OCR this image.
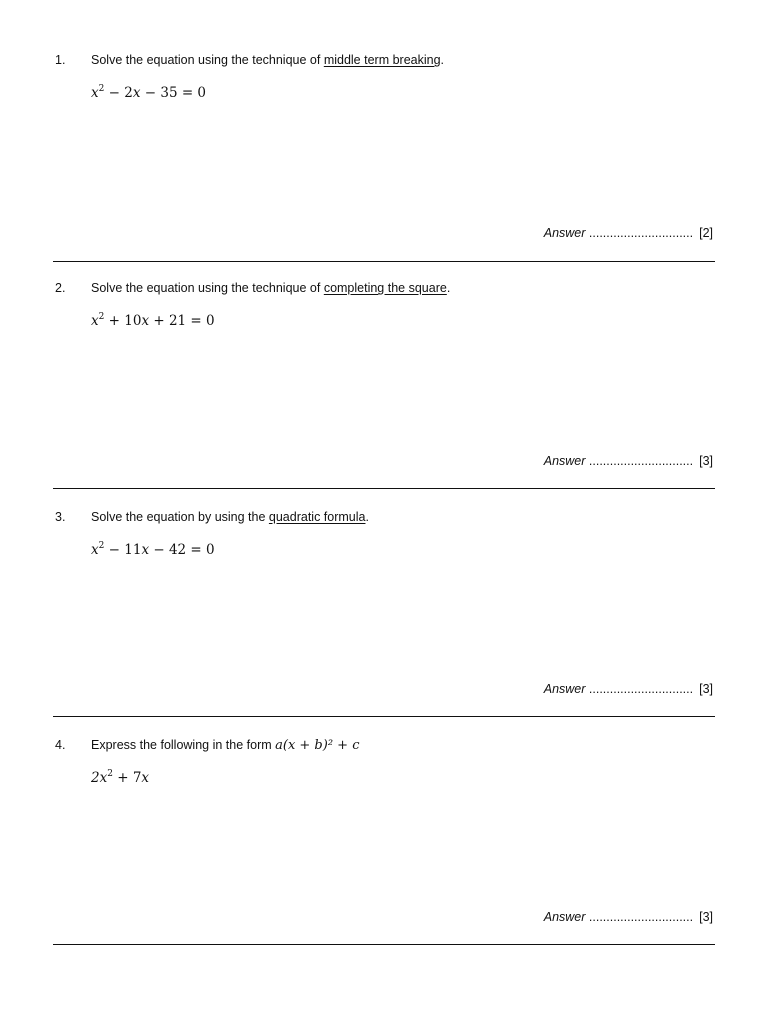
1. Solve the equation using the technique of middle term breaking.
$x^2 - 2x - 35 = 0$
Answer .............................. [2]
2. Solve the equation using the technique of completing the square.
$x^2 + 10x + 21 = 0$
Answer .............................. [3]
3. Solve the equation by using the quadratic formula.
$x^2 - 11x - 42 = 0$
Answer .............................. [3]
4. Express the following in the form a(x + b)² + c
$2x^2 + 7x$
Answer .............................. [3]
